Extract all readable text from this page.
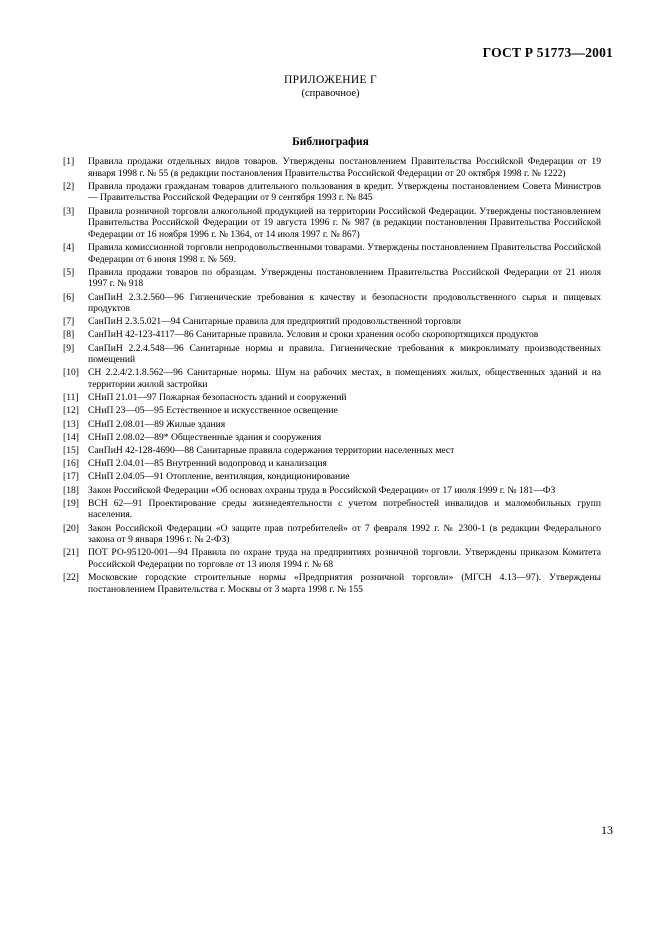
ГОСТ Р 51773—2001
ПРИЛОЖЕНИЕ Г
(справочное)
Библиография
[1] Правила продажи отдельных видов товаров. Утверждены постановлением Правительства Российской Федерации от 19 января 1998 г. № 55 (в редакции постановления Правительства Российской Федерации от 20 октября 1998 г. № 1222)
[2] Правила продажи гражданам товаров длительного пользования в кредит. Утверждены постановлением Совета Министров — Правительства Российской Федерации от 9 сентября 1993 г. № 845
[3] Правила розничной торговли алкогольной продукцией на территории Российской Федерации. Утверждены постановлением Правительства Российской Федерации от 19 августа 1996 г. № 987 (в редакции постановления Правительства Российской Федерации от 16 ноября 1996 г. № 1364, от 14 июля 1997 г. № 867)
[4] Правила комиссионной торговли непродовольственными товарами. Утверждены постановлением Правительства Российской Федерации от 6 июня 1998 г. № 569.
[5] Правила продажи товаров по образцам. Утверждены постановлением Правительства Российской Федерации от 21 июля 1997 г. № 918
[6] СанПиН 2.3.2.560—96 Гигиенические требования к качеству и безопасности продовольственного сырья и пищевых продуктов
[7] СанПиН 2.3.5.021—94 Санитарные правила для предприятий продовольственной торговли
[8] СанПиН 42-123-4117—86 Санитарные правила. Условия и сроки хранения особо скоропортящихся продуктов
[9] СанПиН 2.2.4.548—96 Санитарные нормы и правила. Гигиенические требования к микроклимату производственных помещений
[10] СН 2.2.4/2.1.8.562—96 Санитарные нормы. Шум на рабочих местах, в помещениях жилых, общественных зданий и на территории жилой застройки
[11] СНиП 21.01—97 Пожарная безопасность зданий и сооружений
[12] СНиП 23—05—95 Естественное и искусственное освещение
[13] СНиП 2.08.01—89 Жилые здания
[14] СНиП 2.08.02—89* Общественные здания и сооружения
[15] СанПиН 42-128-4690—88 Санитарные правила содержания территории населенных мест
[16] СНиП 2.04.01—85 Внутренний водопровод и канализация
[17] СНиП 2.04.05—91 Отопление, вентиляция, кондиционирование
[18] Закон Российской Федерации «Об основах охраны труда в Российской Федерации» от 17 июля 1999 г. № 181—ФЗ
[19] ВСН 62—91 Проектирование среды жизнедеятельности с учетом потребностей инвалидов и маломобильных групп населения.
[20] Закон Российской Федерации «О защите прав потребителей» от 7 февраля 1992 г. № 2300-1 (в редакции Федерального закона от 9 января 1996 г. № 2-ФЗ)
[21] ПОТ РО-95120-001—94 Правила по охране труда на предприятиях розничной торговли. Утверждены приказом Комитета Российской Федерации по торговле от 13 июля 1994 г. № 68
[22] Московские городские строительные нормы «Предприятия розничной торговли» (МГСН 4.13—97). Утверждены постановлением Правительства г. Москвы от 3 марта 1998 г. № 155
13
